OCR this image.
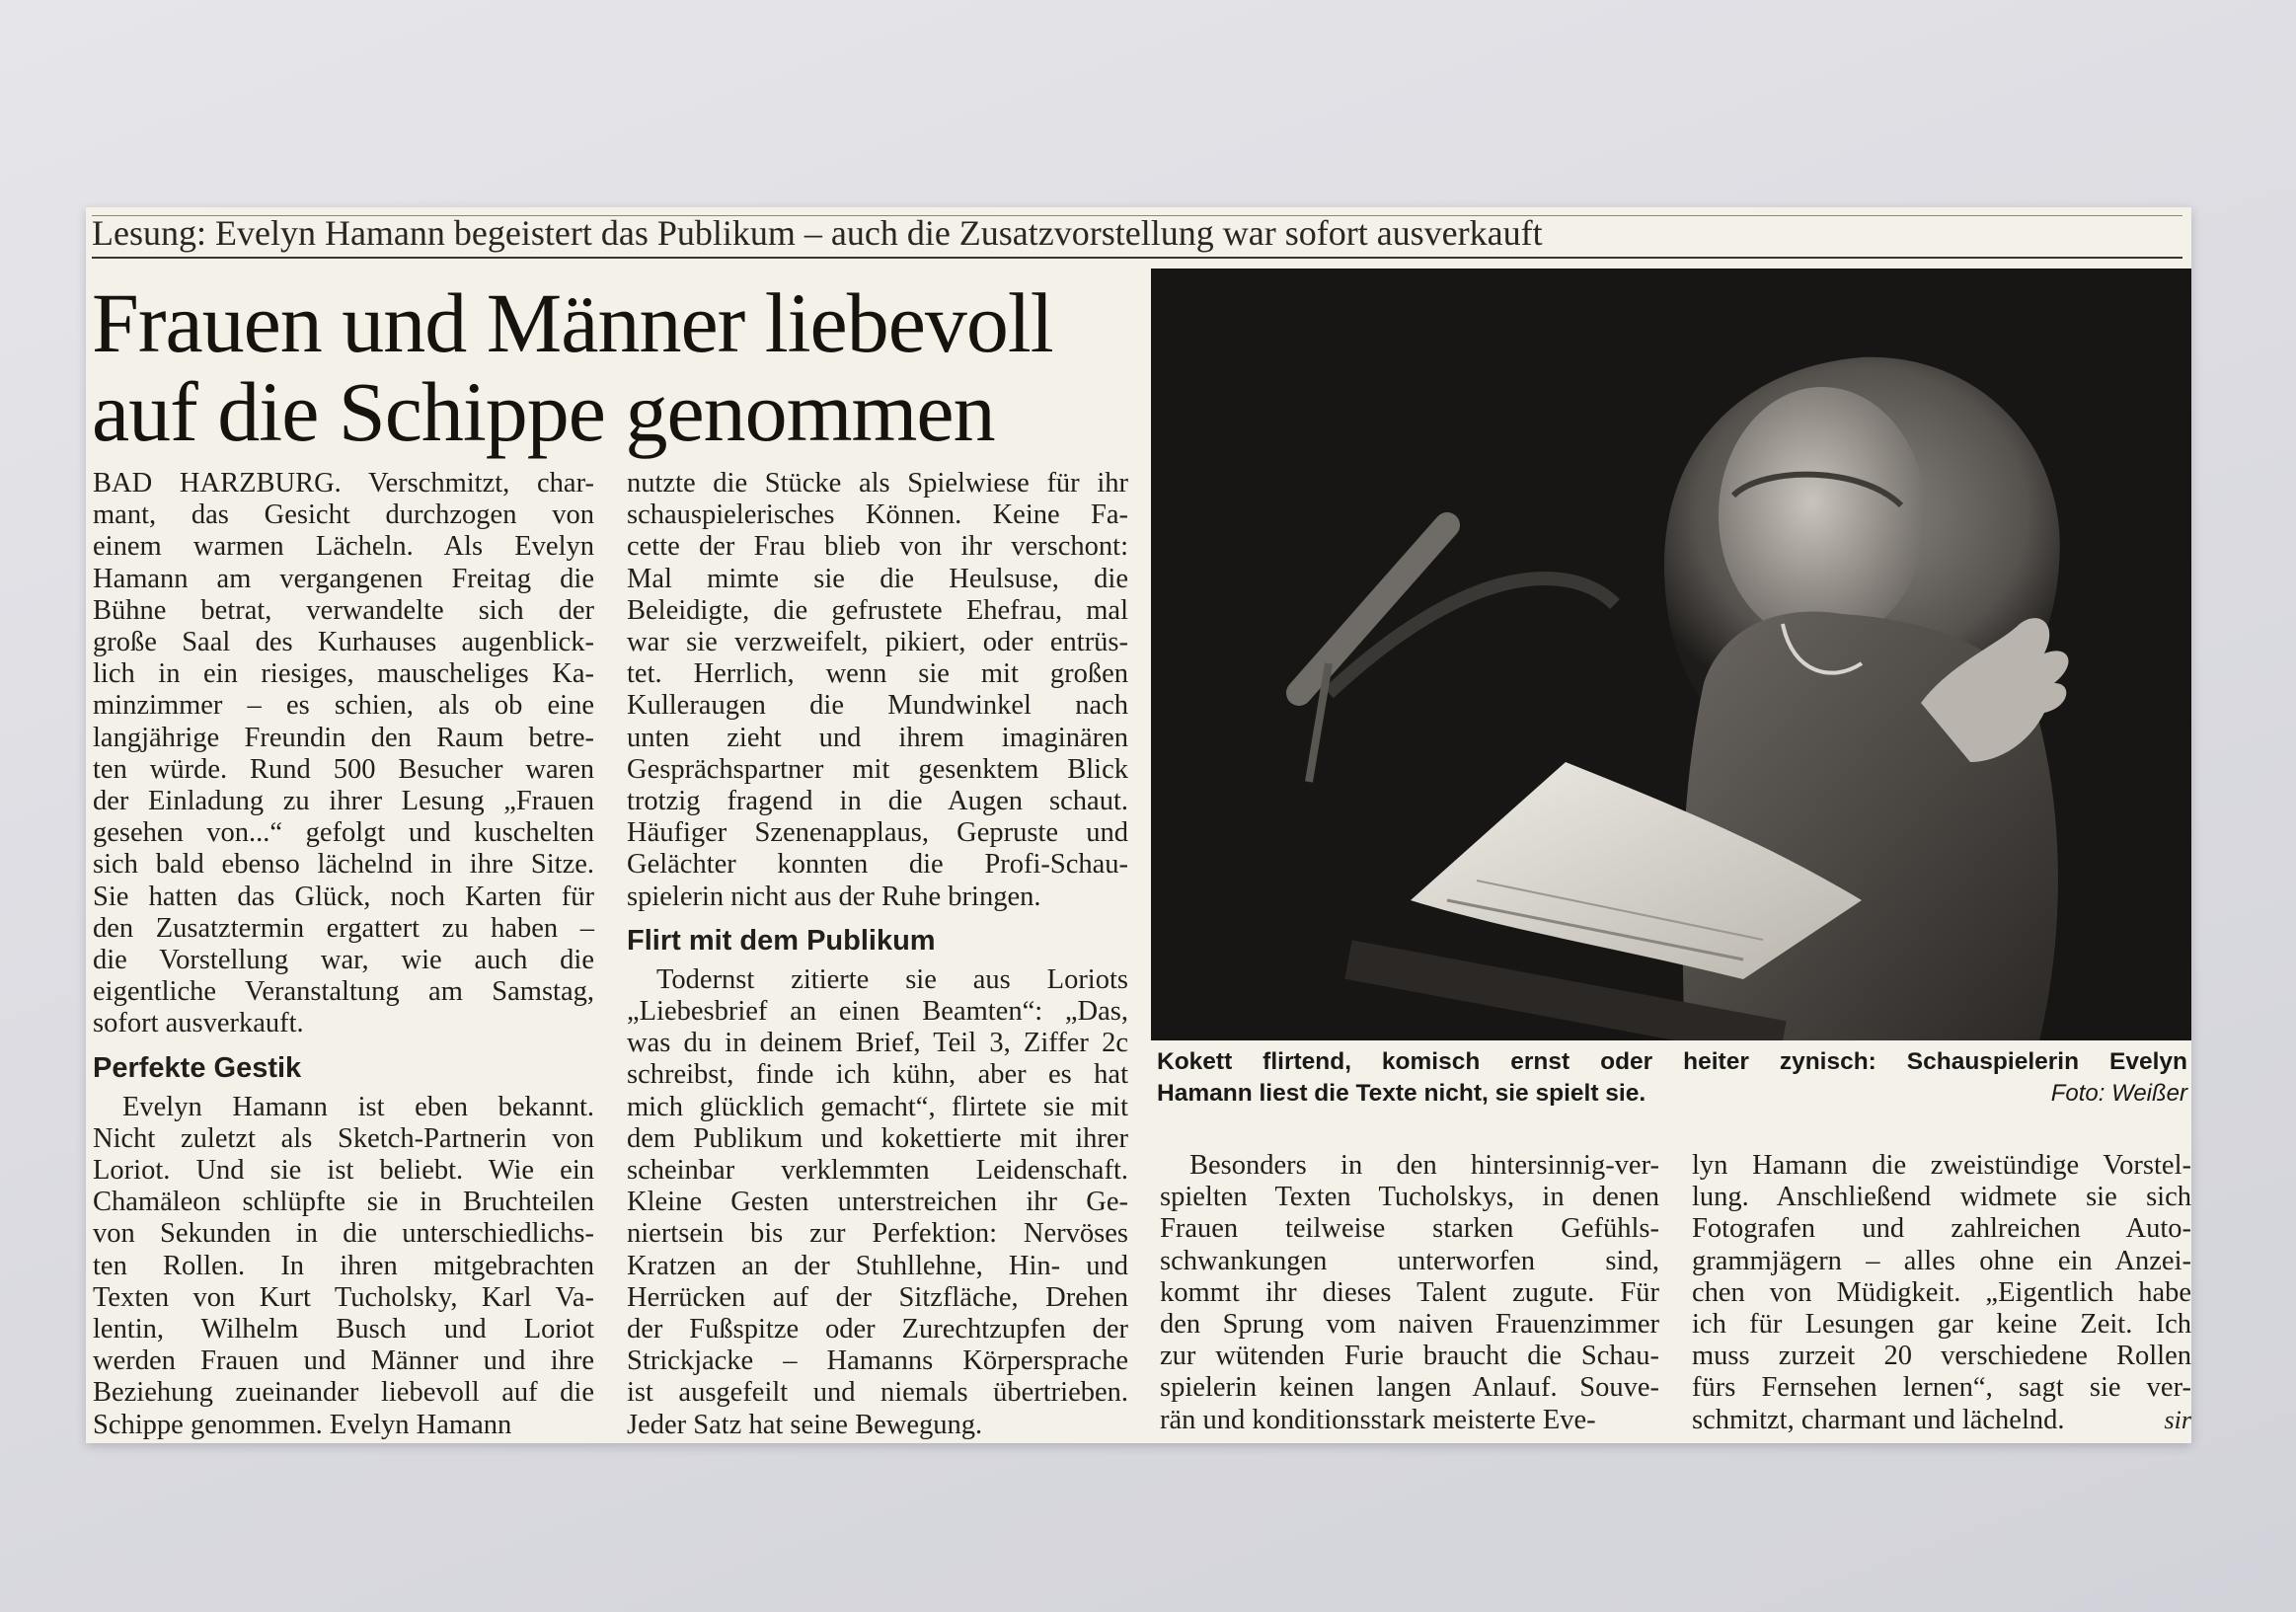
Lesung: Evelyn Hamann begeistert das Publikum – auch die Zusatzvorstellung war sofort ausverkauft
Frauen und Männer liebevoll
auf die Schippe genommen
BAD HARZBURG. Verschmitzt, char-
mant, das Gesicht durchzogen von
einem warmen Lächeln. Als Evelyn
Hamann am vergangenen Freitag die
Bühne betrat, verwandelte sich der
große Saal des Kurhauses augenblick-
lich in ein riesiges, mauscheliges Ka-
minzimmer – es schien, als ob eine
langjährige Freundin den Raum betre-
ten würde. Rund 500 Besucher waren
der Einladung zu ihrer Lesung „Frauen
gesehen von...“ gefolgt und kuschelten
sich bald ebenso lächelnd in ihre Sitze.
Sie hatten das Glück, noch Karten für
den Zusatztermin ergattert zu haben –
die Vorstellung war, wie auch die
eigentliche Veranstaltung am Samstag,
sofort ausverkauft.
Perfekte Gestik
Evelyn Hamann ist eben bekannt.
Nicht zuletzt als Sketch-Partnerin von
Loriot. Und sie ist beliebt. Wie ein
Chamäleon schlüpfte sie in Bruchteilen
von Sekunden in die unterschiedlichs-
ten Rollen. In ihren mitgebrachten
Texten von Kurt Tucholsky, Karl Va-
lentin, Wilhelm Busch und Loriot
werden Frauen und Männer und ihre
Beziehung zueinander liebevoll auf die
Schippe genommen. Evelyn Hamann
nutzte die Stücke als Spielwiese für ihr
schauspielerisches Können. Keine Fa-
cette der Frau blieb von ihr verschont:
Mal mimte sie die Heulsuse, die
Beleidigte, die gefrustete Ehefrau, mal
war sie verzweifelt, pikiert, oder entrüs-
tet. Herrlich, wenn sie mit großen
Kulleraugen die Mundwinkel nach
unten zieht und ihrem imaginären
Gesprächspartner mit gesenktem Blick
trotzig fragend in die Augen schaut.
Häufiger Szenenapplaus, Gepruste und
Gelächter konnten die Profi-Schau-
spielerin nicht aus der Ruhe bringen.
Flirt mit dem Publikum
Todernst zitierte sie aus Loriots
„Liebesbrief an einen Beamten“: „Das,
was du in deinem Brief, Teil 3, Ziffer 2c
schreibst, finde ich kühn, aber es hat
mich glücklich gemacht“, flirtete sie mit
dem Publikum und kokettierte mit ihrer
scheinbar verklemmten Leidenschaft.
Kleine Gesten unterstreichen ihr Ge-
niertsein bis zur Perfektion: Nervöses
Kratzen an der Stuhllehne, Hin- und
Herrücken auf der Sitzfläche, Drehen
der Fußspitze oder Zurechtzupfen der
Strickjacke – Hamanns Körpersprache
ist ausgefeilt und niemals übertrieben.
Jeder Satz hat seine Bewegung.
Kokett flirtend, komisch ernst oder heiter zynisch: Schauspielerin Evelyn
Hamann liest die Texte nicht, sie spielt sie.	Foto: Weißer
Besonders in den hintersinnig-ver-
spielten Texten Tucholskys, in denen
Frauen teilweise starken Gefühls-
schwankungen unterworfen sind,
kommt ihr dieses Talent zugute. Für
den Sprung vom naiven Frauenzimmer
zur wütenden Furie braucht die Schau-
spielerin keinen langen Anlauf. Souve-
rän und konditionsstark meisterte Eve-
lyn Hamann die zweistündige Vorstel-
lung. Anschließend widmete sie sich
Fotografen und zahlreichen Auto-
grammjägern – alles ohne ein Anzei-
chen von Müdigkeit. „Eigentlich habe
ich für Lesungen gar keine Zeit. Ich
muss zurzeit 20 verschiedene Rollen
fürs Fernsehen lernen“, sagt sie ver-
schmitzt, charmant und lächelnd.	sir
